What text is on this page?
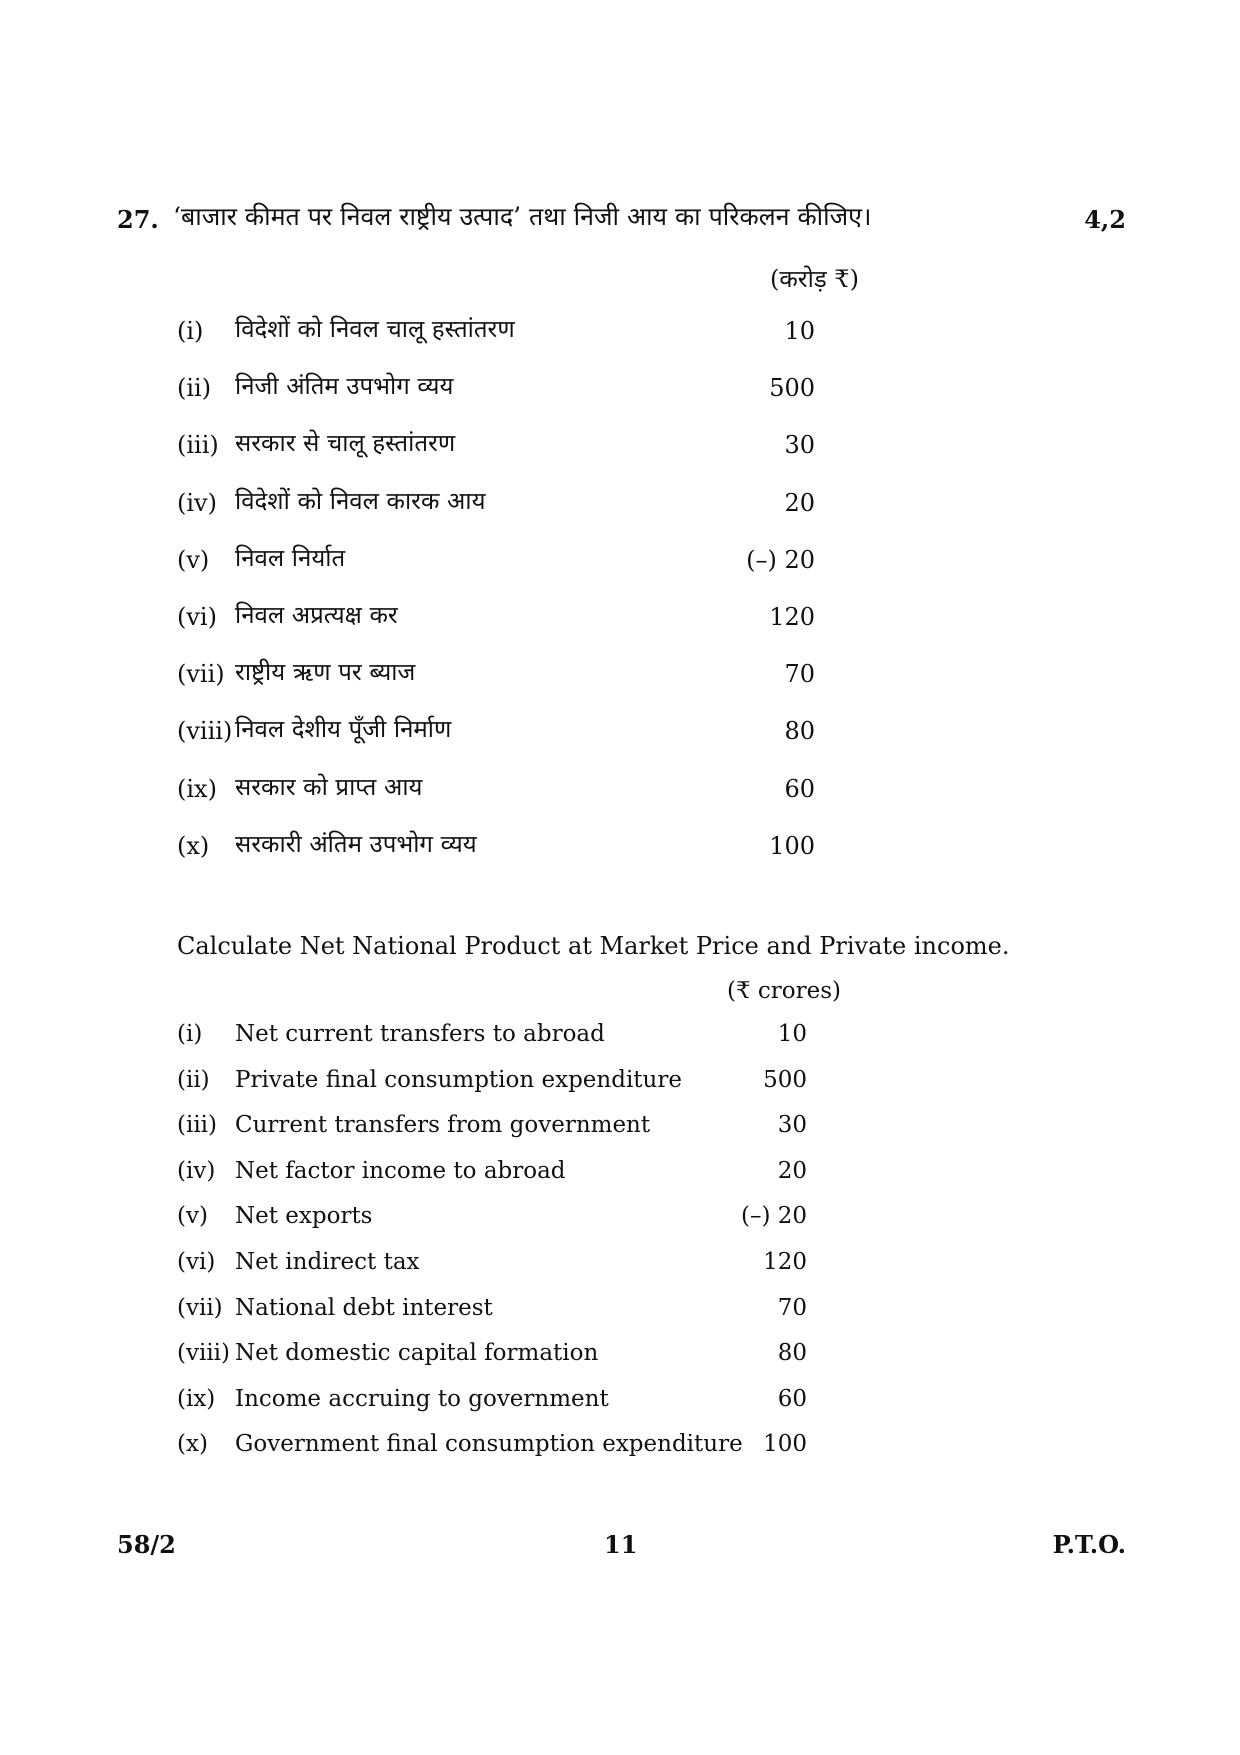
27. ‘बाजार कीमत पर निवल राष्ट्रीय उत्पाद’ तथा निजी आय का परिकलन कीजिए।	4,2
(करोड़ ₹)
(i) विदेशों को निवल चालू हस्तांतरण	10
(ii) निजी अंतिम उपभोग व्यय	500
(iii) सरकार से चालू हस्तांतरण	30
(iv) विदेशों को निवल कारक आय	20
(v) निवल निर्यात	(–) 20
(vi) निवल अप्रत्यक्ष कर	120
(vii) राष्ट्रीय ऋण पर ब्याज	70
(viii) निवल देशीय पूँजी निर्माण	80
(ix) सरकार को प्राप्त आय	60
(x) सरकारी अंतिम उपभोग व्यय	100
Calculate Net National Product at Market Price and Private income.
(₹ crores)
(i) Net current transfers to abroad	10
(ii) Private final consumption expenditure	500
(iii) Current transfers from government	30
(iv) Net factor income to abroad	20
(v) Net exports	(–) 20
(vi) Net indirect tax	120
(vii) National debt interest	70
(viii) Net domestic capital formation	80
(ix) Income accruing to government	60
(x) Government final consumption expenditure 100
58/2	11	P.T.O.
